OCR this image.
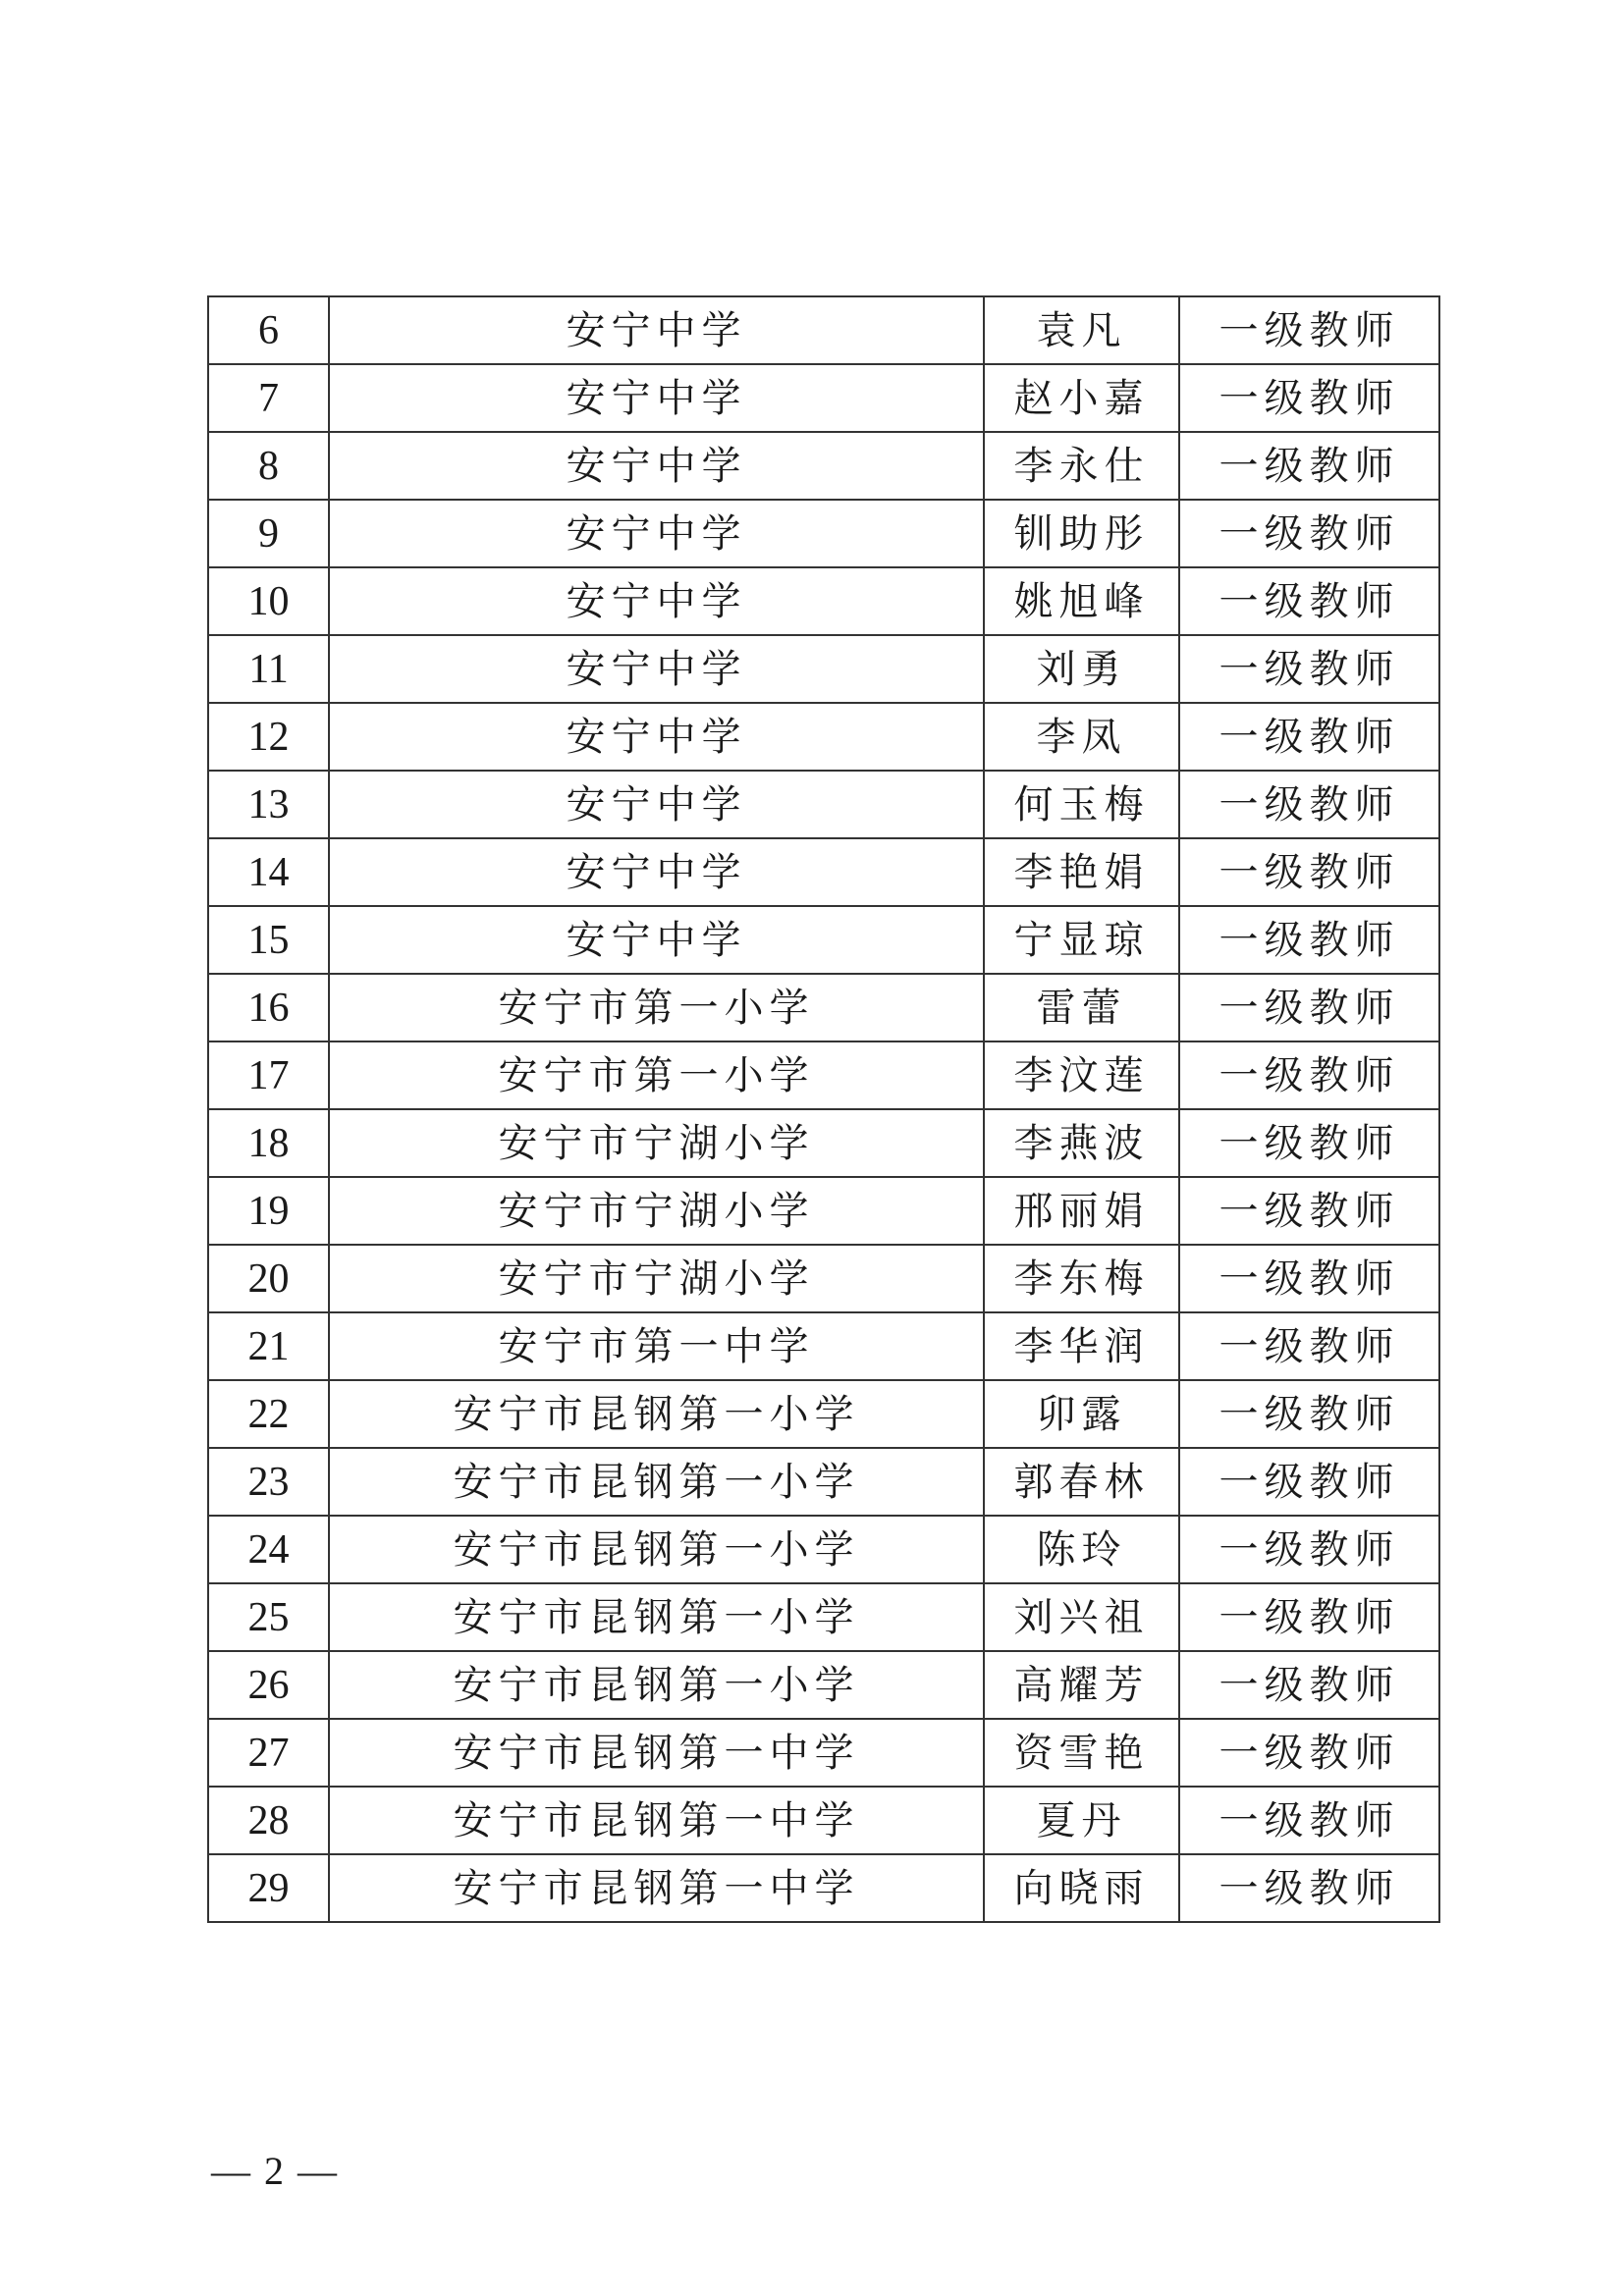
6	安宁中学	袁凡	一级教师
7	安宁中学	赵小嘉	一级教师
8	安宁中学	李永仕	一级教师
9	安宁中学	钏助彤	一级教师
10	安宁中学	姚旭峰	一级教师
11	安宁中学	刘勇	一级教师
12	安宁中学	李凤	一级教师
13	安宁中学	何玉梅	一级教师
14	安宁中学	李艳娟	一级教师
15	安宁中学	宁显琼	一级教师
16	安宁市第一小学	雷蕾	一级教师
17	安宁市第一小学	李汶莲	一级教师
18	安宁市宁湖小学	李燕波	一级教师
19	安宁市宁湖小学	邢丽娟	一级教师
20	安宁市宁湖小学	李东梅	一级教师
21	安宁市第一中学	李华润	一级教师
22	安宁市昆钢第一小学	卯露	一级教师
23	安宁市昆钢第一小学	郭春林	一级教师
24	安宁市昆钢第一小学	陈玲	一级教师
25	安宁市昆钢第一小学	刘兴祖	一级教师
26	安宁市昆钢第一小学	高耀芳	一级教师
27	安宁市昆钢第一中学	资雪艳	一级教师
28	安宁市昆钢第一中学	夏丹	一级教师
29	安宁市昆钢第一中学	向晓雨	一级教师
— 2 —
